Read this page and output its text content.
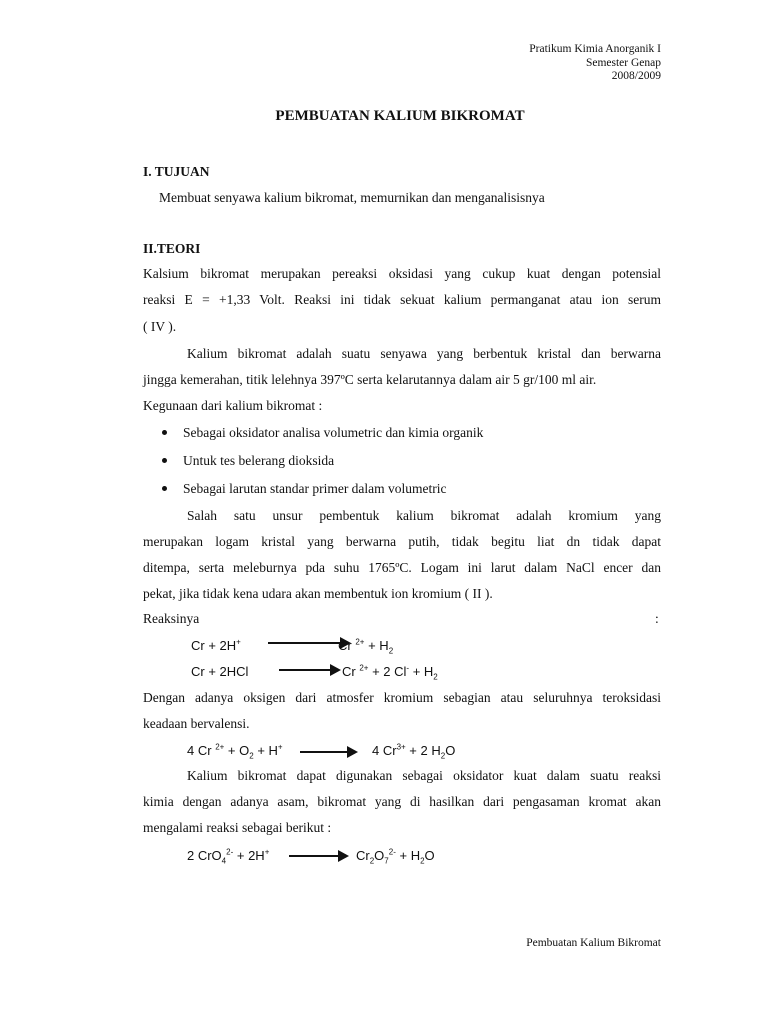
Pratikum Kimia Anorganik I
Semester Genap
2008/2009
PEMBUATAN KALIUM BIKROMAT
I. TUJUAN
Membuat senyawa kalium bikromat, memurnikan dan menganalisisnya
II.TEORI
Kalsium bikromat merupakan pereaksi oksidasi yang cukup kuat dengan potensial
reaksi E = +1,33 Volt. Reaksi ini tidak sekuat kalium permanganat atau ion serum
( IV ).
Kalium bikromat adalah suatu senyawa yang berbentuk kristal dan berwarna
jingga kemerahan, titik lelehnya 397ºC serta kelarutannya dalam air 5 gr/100 ml air.
Kegunaan dari kalium bikromat :
Sebagai oksidator analisa volumetric dan kimia organik
Untuk tes belerang dioksida
Sebagai larutan standar primer dalam volumetric
Salah satu unsur pembentuk kalium bikromat adalah kromium yang
merupakan logam kristal yang berwarna putih, tidak begitu liat dn tidak dapat
ditempa, serta meleburnya pda suhu 1765ºC. Logam ini larut dalam NaCl encer dan
pekat, jika tidak kena udara akan membentuk ion kromium ( II ).
Reaksinya	:
Cr + 2H+	Cr $^{2+} + H_2$
Cr + 2HCl	Cr $^{2+}$ + 2 $Cl^- + H_2$
Dengan adanya oksigen dari atmosfer kromium sebagian atau seluruhnya teroksidasi
keadaan bervalensi.
4 Cr $^{2+} + O_2 + H^+$	4 $Cr^{3+} + 2$ $H_2O$
Kalium bikromat dapat digunakan sebagai oksidator kuat dalam suatu reaksi
kimia dengan adanya asam, bikromat yang di hasilkan dari pengasaman kromat akan
mengalami reaksi sebagai berikut :
2 CrO$_4^{2-}$ + 2H+	$Cr_2O_7^{2-} + H_2O$
Pembuatan Kalium Bikromat
